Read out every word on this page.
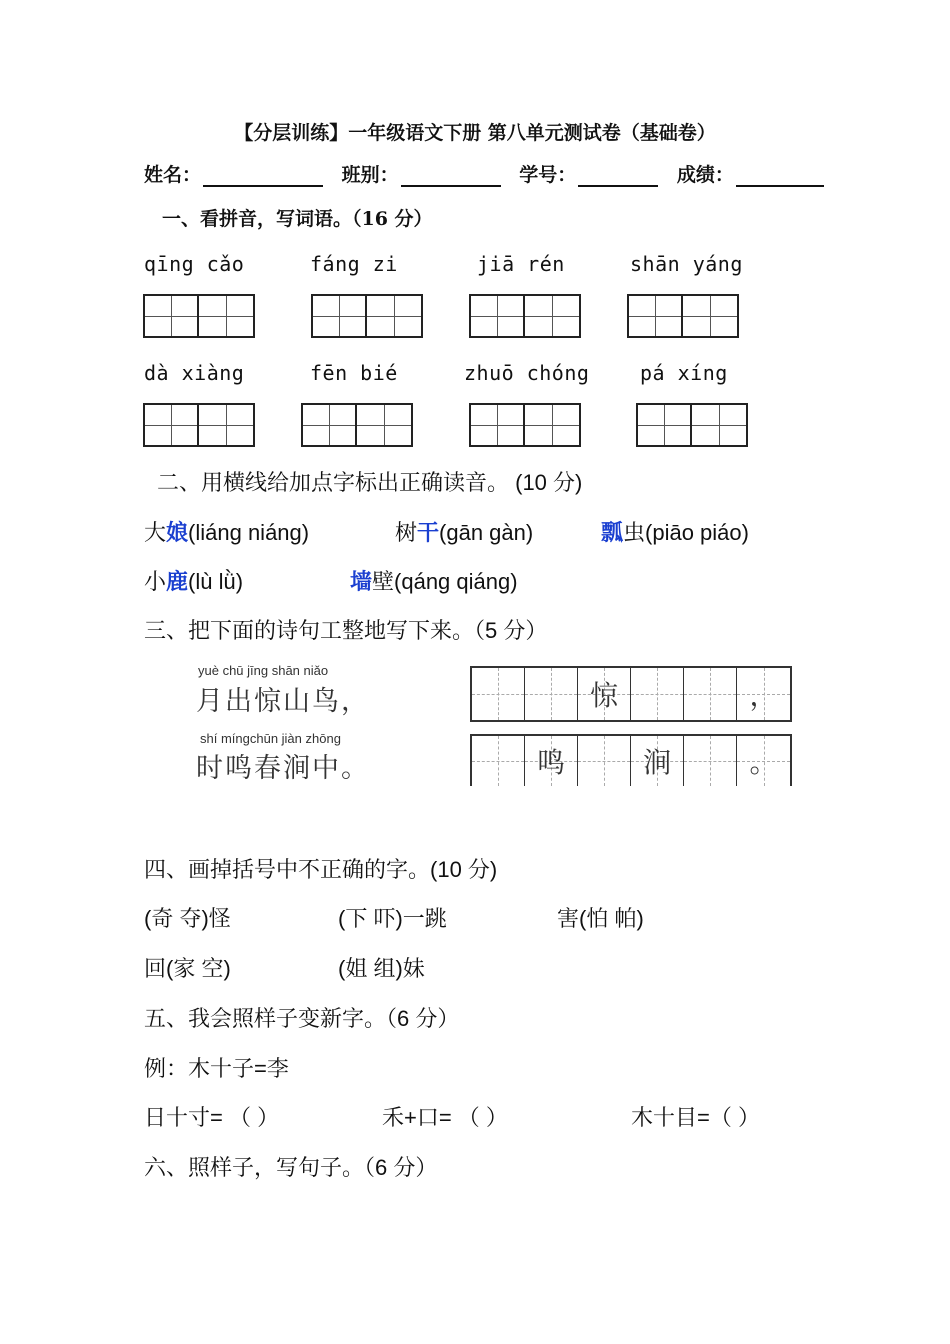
【分层训练】一年级语文下册 第八单元测试卷（基础卷）
姓名：	班别：	学号：	成绩：
一、看拼音，写词语。（16 分）
qīng cǎo	fáng zi	jiā rén	shān yáng
dà xiàng	fēn bié	zhuō chóng	pá xíng
二、用横线给加点字标出正确读音。 (10 分)
大娘(liáng niáng)	树干(gān gàn)	瓢虫(piāo piáo)
小鹿(lù lǜ)	墙壁(qáng qiáng)
三、把下面的诗句工整地写下来。（5 分）
yuè chū jīng shān niǎo
月出惊山鸟，
shí míngchūn jiàn zhōng
时鸣春涧中。
惊	，
鸣	涧	。
四、画掉括号中不正确的字。(10 分)
(奇 夺)怪	(下 吓)一跳	害(怕 帕)
回(家 空)	(姐 组)妹
五、我会照样子变新字。（6 分）
例：木十子=李
日十寸= （ ）	禾+口= （ ）	木十目=（ ）
六、照样子，写句子。（6 分）
